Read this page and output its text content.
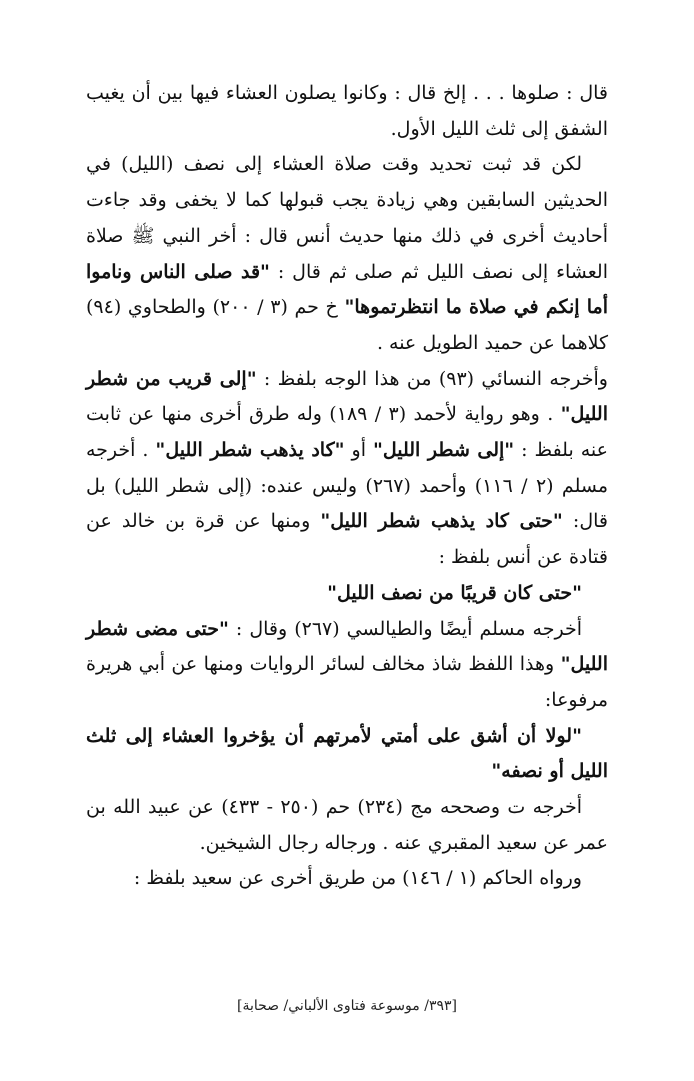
قال : صلوها . . . إلخ قال : وكانوا يصلون العشاء فيها بين أن يغيب الشفق إلى ثلث الليل الأول.

لكن قد ثبت تحديد وقت صلاة العشاء إلى نصف (الليل) في الحديثين السابقين وهي زيادة يجب قبولها كما لا يخفى وقد جاءت أحاديث أخرى في ذلك منها حديث أنس قال : أخر النبي ﷺ صلاة العشاء إلى نصف الليل ثم صلى ثم قال : "قد صلى الناس وناموا أما إنكم في صلاة ما انتظرتموها" خ حم (٣ / ٢٠٠) والطحاوي (٩٤) كلاهما عن حميد الطويل عنه .

وأخرجه النسائي (٩٣) من هذا الوجه بلفظ : "إلى قريب من شطر الليل" . وهو رواية لأحمد (٣ / ١٨٩) وله طرق أخرى منها عن ثابت عنه بلفظ : "إلى شطر الليل" أو "كاد يذهب شطر الليل" . أخرجه مسلم (٢ / ١١٦) وأحمد (٢٦٧) وليس عنده: (إلى شطر الليل) بل قال: "حتى كاد يذهب شطر الليل" ومنها عن قرة بن خالد عن قتادة عن أنس بلفظ :

"حتى كان قريبًا من نصف الليل"

أخرجه مسلم أيضًا والطيالسي (٢٦٧) وقال : "حتى مضى شطر الليل" وهذا اللفظ شاذ مخالف لسائر الروايات ومنها عن أبي هريرة مرفوعا:

"لولا أن أشق على أمتي لأمرتهم أن يؤخروا العشاء إلى ثلث الليل أو نصفه"

أخرجه ت وصححه مج (٢٣٤) حم (٢٥٠ - ٤٣٣) عن عبيد الله بن عمر عن سعيد المقبري عنه . ورجاله رجال الشيخين.

ورواه الحاكم (١ / ١٤٦) من طريق أخرى عن سعيد بلفظ :

[٣٩٣/ موسوعة فتاوى الألباني/ صحابة]
